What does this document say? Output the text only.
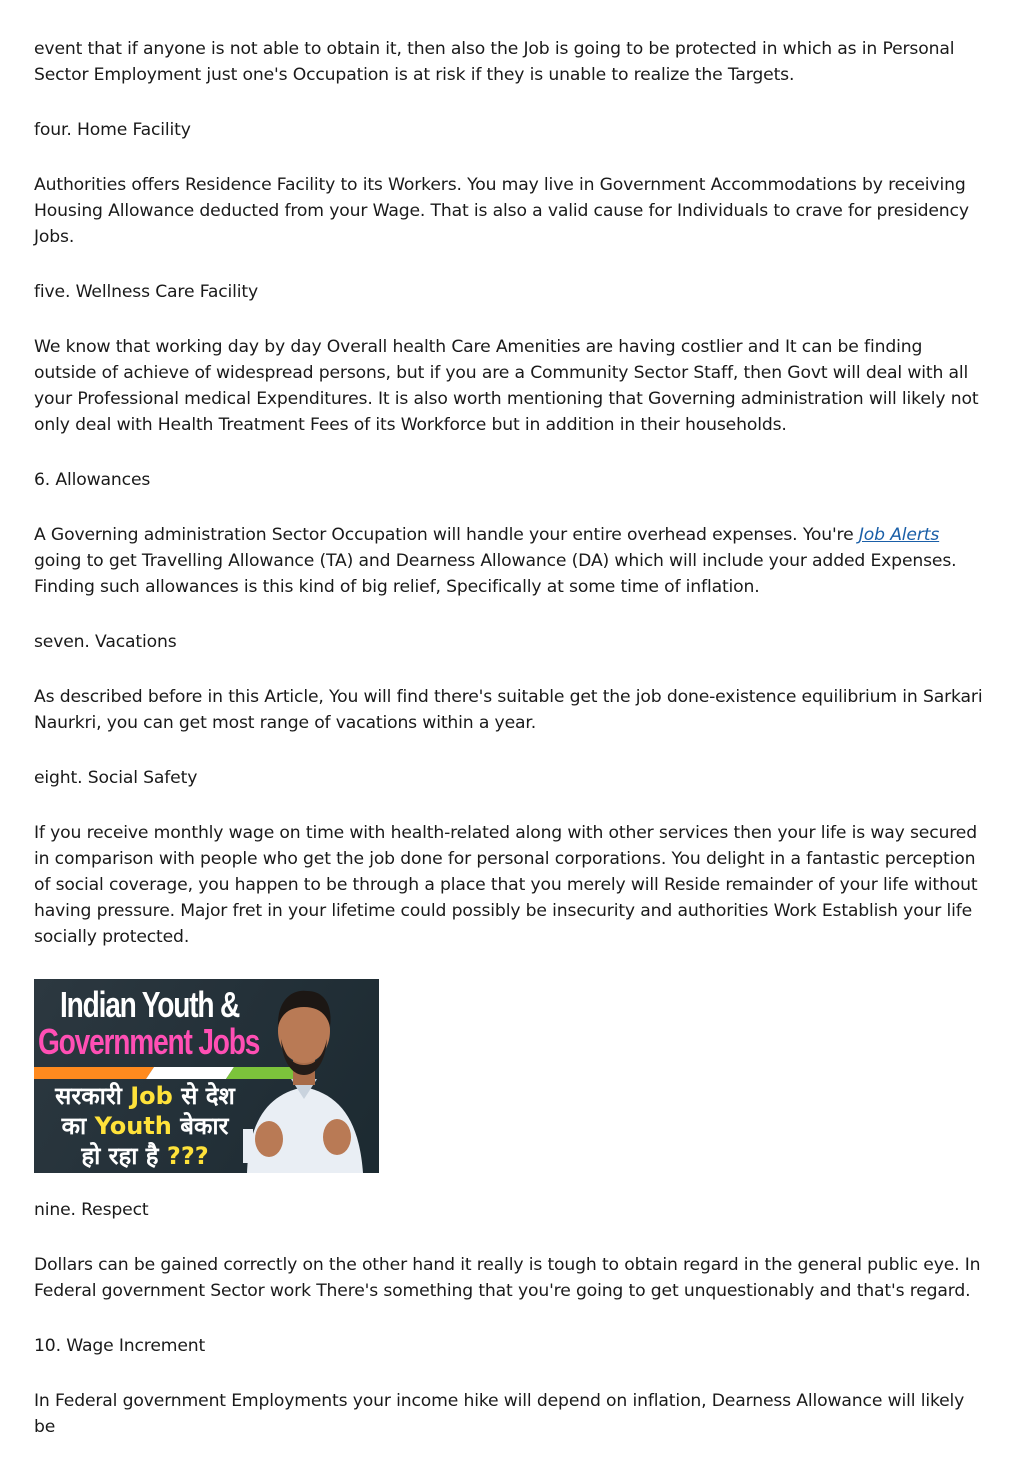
event that if anyone is not able to obtain it, then also the Job is going to be protected in which as in Personal Sector Employment just one's Occupation is at risk if they is unable to realize the Targets.

four. Home Facility

Authorities offers Residence Facility to its Workers. You may live in Government Accommodations by receiving Housing Allowance deducted from your Wage. That is also a valid cause for Individuals to crave for presidency Jobs.

five. Wellness Care Facility

We know that working day by day Overall health Care Amenities are having costlier and It can be finding outside of achieve of widespread persons, but if you are a Community Sector Staff, then Govt will deal with all your Professional medical Expenditures. It is also worth mentioning that Governing administration will likely not only deal with Health Treatment Fees of its Workforce but in addition in their households.

6. Allowances

A Governing administration Sector Occupation will handle your entire overhead expenses. You're Job Alerts going to get Travelling Allowance (TA) and Dearness Allowance (DA) which will include your added Expenses. Finding such allowances is this kind of big relief, Specifically at some time of inflation.

seven. Vacations

As described before in this Article, You will find there's suitable get the job done-existence equilibrium in Sarkari Naurkri, you can get most range of vacations within a year.

eight. Social Safety

If you receive monthly wage on time with health-related along with other services then your life is way secured in comparison with people who get the job done for personal corporations. You delight in a fantastic perception of social coverage, you happen to be through a place that you merely will Reside remainder of your life without having pressure. Major fret in your lifetime could possibly be insecurity and authorities Work Establish your life socially protected.

Indian Youth &
Government Jobs
सरकारी Job से देश
का Youth बेकार
हो रहा है ???

nine. Respect

Dollars can be gained correctly on the other hand it really is tough to obtain regard in the general public eye. In Federal government Sector work There's something that you're going to get unquestionably and that's regard.

10. Wage Increment

In Federal government Employments your income hike will depend on inflation, Dearness Allowance will likely be
